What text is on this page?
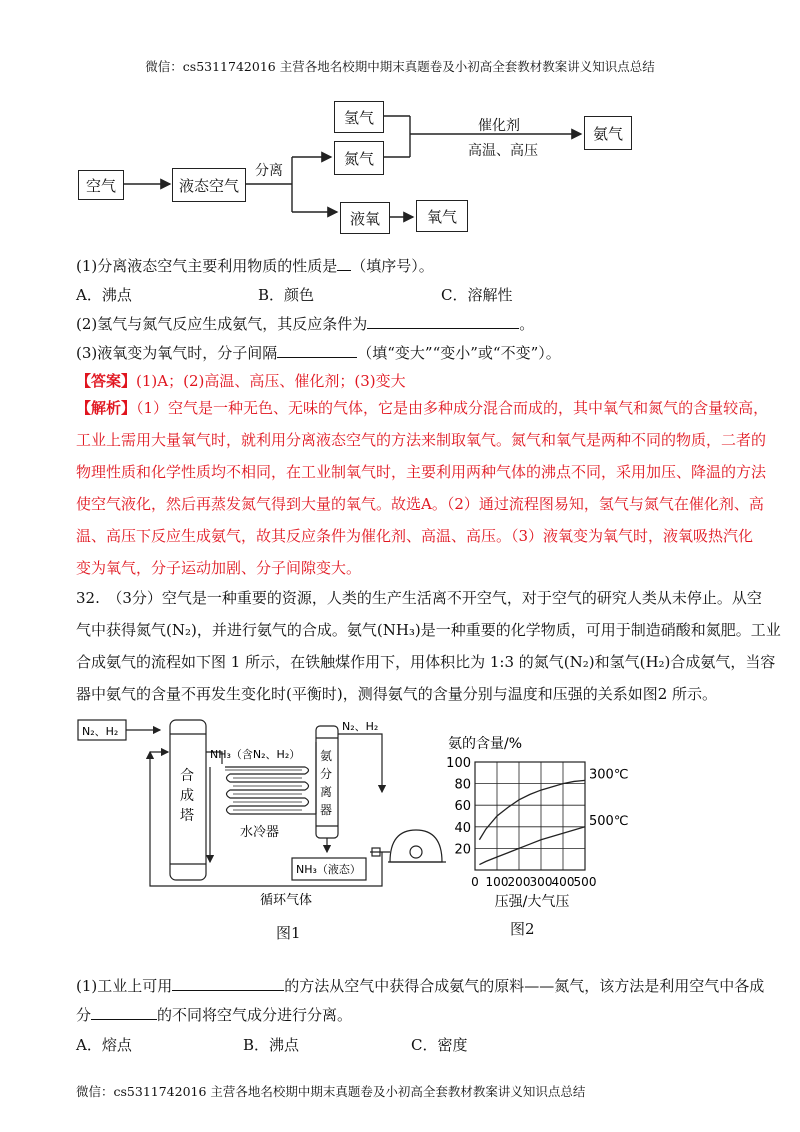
微信：cs5311742016 主营各地名校期中期末真题卷及小初高全套教材教案讲义知识点总结
空气	液态空气
氢气
氮气
液氧	氧气
氨气
分离
催化剂
高温、高压
(1)分离液态空气主要利用物质的性质是 （填序号）。
A．沸点	B．颜色	C．溶解性
(2)氢气与氮气反应生成氨气，其反应条件为	。
(3)液氧变为氧气时，分子间隔	（填“变大”“变小”或“不变”）。
【答案】(1)A；(2)高温、高压、催化剂；(3)变大
【解析】（1）空气是一种无色、无味的气体，它是由多种成分混合而成的，其中氧气和氮气的含量较高，
工业上需用大量氧气时，就利用分离液态空气的方法来制取氧气。氮气和氧气是两种不同的物质，二者的
物理性质和化学性质均不相同，在工业制氧气时，主要利用两种气体的沸点不同，采用加压、降温的方法
使空气液化，然后再蒸发氮气得到大量的氧气。故选A。（2）通过流程图易知，氢气与氮气在催化剂、高
温、高压下反应生成氨气，故其反应条件为催化剂、高温、高压。（3）液氧变为氧气时，液氧吸热汽化
变为氧气，分子运动加剧、分子间隙变大。
32.　（3分）空气是一种重要的资源，人类的生产生活离不开空气，对于空气的研究人类从未停止。从空
气中获得氮气(N₂)，并进行氨气的合成。氨气(NH₃)是一种重要的化学物质，可用于制造硝酸和氮肥。工业
合成氨气的流程如下图 1 所示，在铁触煤作用下，用体积比为 1:3 的氮气(N₂)和氢气(H₂)合成氨气，当容
器中氨气的含量不再发生变化时(平衡时)，测得氨气的含量分别与温度和压强的关系如图2 所示。
N₂、H₂
合
成
塔
NH₃（含N₂、H₂）
水冷器
氨
分
离
器
N₂、H₂
NH₃（液态）
循环气体
图1
氨的含量/%
20
40
60
80
100
0 100 200 300 400 500
压强/大气压
300℃
500℃
图2
(1)工业上可用	的方法从空气中获得合成氨气的原料——氮气，该方法是利用空气中各成
分	的不同将空气成分进行分离。
A．熔点	B．沸点	C．密度
微信：cs5311742016 主营各地名校期中期末真题卷及小初高全套教材教案讲义知识点总结
